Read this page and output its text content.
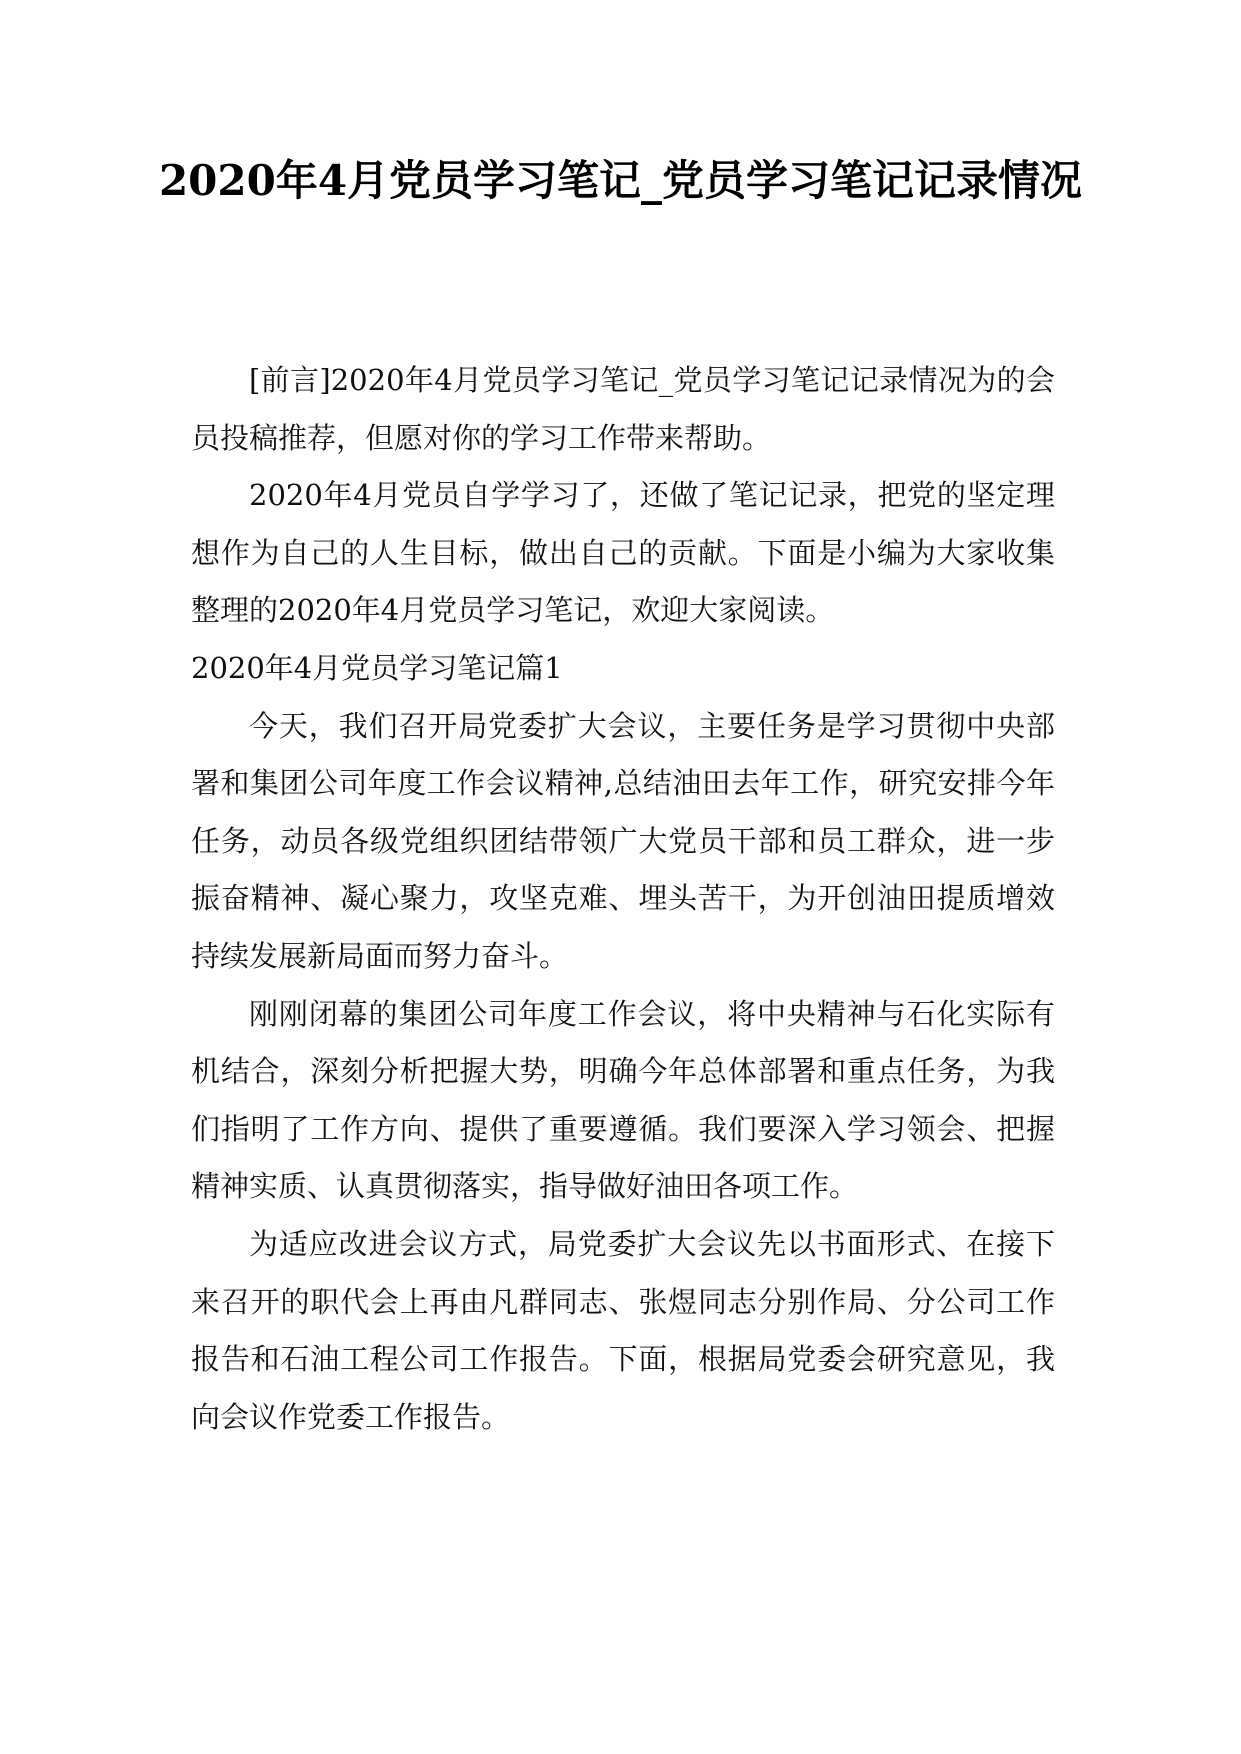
2020年4月党员学习笔记_党员学习笔记记录情况

[前言]2020年4月党员学习笔记_党员学习笔记记录情况为的会员投稿推荐，但愿对你的学习工作带来帮助。

2020年4月党员自学学习了，还做了笔记记录，把党的坚定理想作为自己的人生目标，做出自己的贡献。下面是小编为大家收集整理的2020年4月党员学习笔记，欢迎大家阅读。

2020年4月党员学习笔记篇1

今天，我们召开局党委扩大会议，主要任务是学习贯彻中央部署和集团公司年度工作会议精神,总结油田去年工作，研究安排今年任务，动员各级党组织团结带领广大党员干部和员工群众，进一步振奋精神、凝心聚力，攻坚克难、埋头苦干，为开创油田提质增效持续发展新局面而努力奋斗。

刚刚闭幕的集团公司年度工作会议，将中央精神与石化实际有机结合，深刻分析把握大势，明确今年总体部署和重点任务，为我们指明了工作方向、提供了重要遵循。我们要深入学习领会、把握精神实质、认真贯彻落实，指导做好油田各项工作。

为适应改进会议方式，局党委扩大会议先以书面形式、在接下来召开的职代会上再由凡群同志、张煜同志分别作局、分公司工作报告和石油工程公司工作报告。下面，根据局党委会研究意见，我向会议作党委工作报告。
